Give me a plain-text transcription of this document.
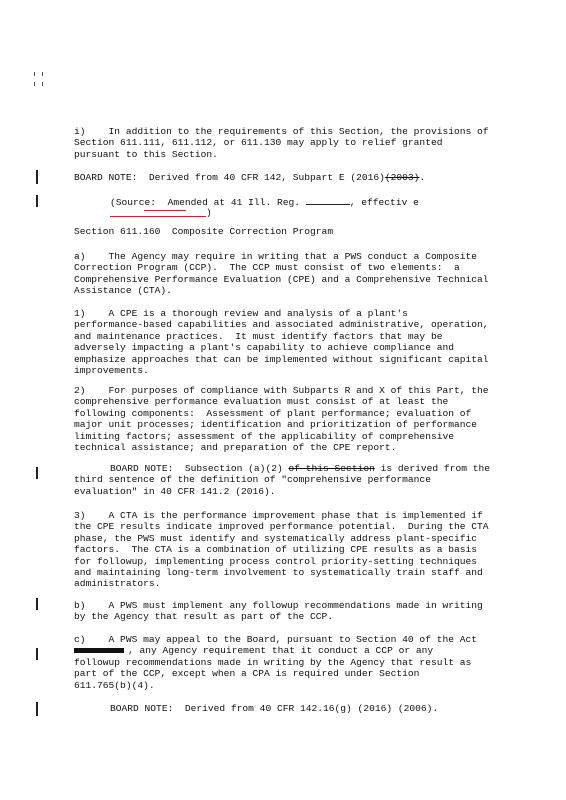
i)    In addition to the requirements of this Section, the provisions of
Section 611.111, 611.112, or 611.130 may apply to relief granted
pursuant to this Section.
BOARD NOTE:  Derived from 40 CFR 142, Subpart E (2016)(2003).
(Source:  Amended at 41 Ill. Reg.	, effectiv e
)
Section 611.160  Composite Correction Program
a)    The Agency may require in writing that a PWS conduct a Composite
Correction Program (CCP).  The CCP must consist of two elements:  a
Comprehensive Performance Evaluation (CPE) and a Comprehensive Technical
Assistance (CTA).
1)    A CPE is a thorough review and analysis of a plant's
performance-based capabilities and associated administrative, operation,
and maintenance practices.  It must identify factors that may be
adversely impacting a plant's capability to achieve compliance and
emphasize approaches that can be implemented without significant capital
improvements.
2)    For purposes of compliance with Subparts R and X of this Part, the
comprehensive performance evaluation must consist of at least the
following components:  Assessment of plant performance; evaluation of
major unit processes; identification and prioritization of performance
limiting factors; assessment of the applicability of comprehensive
technical assistance; and preparation of the CPE report.
BOARD NOTE:  Subsection (a)(2) of this Section is derived from the
third sentence of the definition of "comprehensive performance
evaluation" in 40 CFR 141.2 (2016).
3)    A CTA is the performance improvement phase that is implemented if
the CPE results indicate improved performance potential.  During the CTA
phase, the PWS must identify and systematically address plant-specific
factors.  The CTA is a combination of utilizing CPE results as a basis
for followup, implementing process control priority-setting techniques
and maintaining long-term involvement to systematically train staff and
administrators.
b)    A PWS must implement any followup recommendations made in writing
by the Agency that result as part of the CCP.
c)    A PWS may appeal to the Board, pursuant to Section 40 of the Act
, any Agency requirement that it conduct a CCP or any
followup recommendations made in writing by the Agency that result as
part of the CCP, except when a CPA is required under Section
611.765(b)(4).
BOARD NOTE:  Derived from 40 CFR 142.16(g) (2016) (2006).
